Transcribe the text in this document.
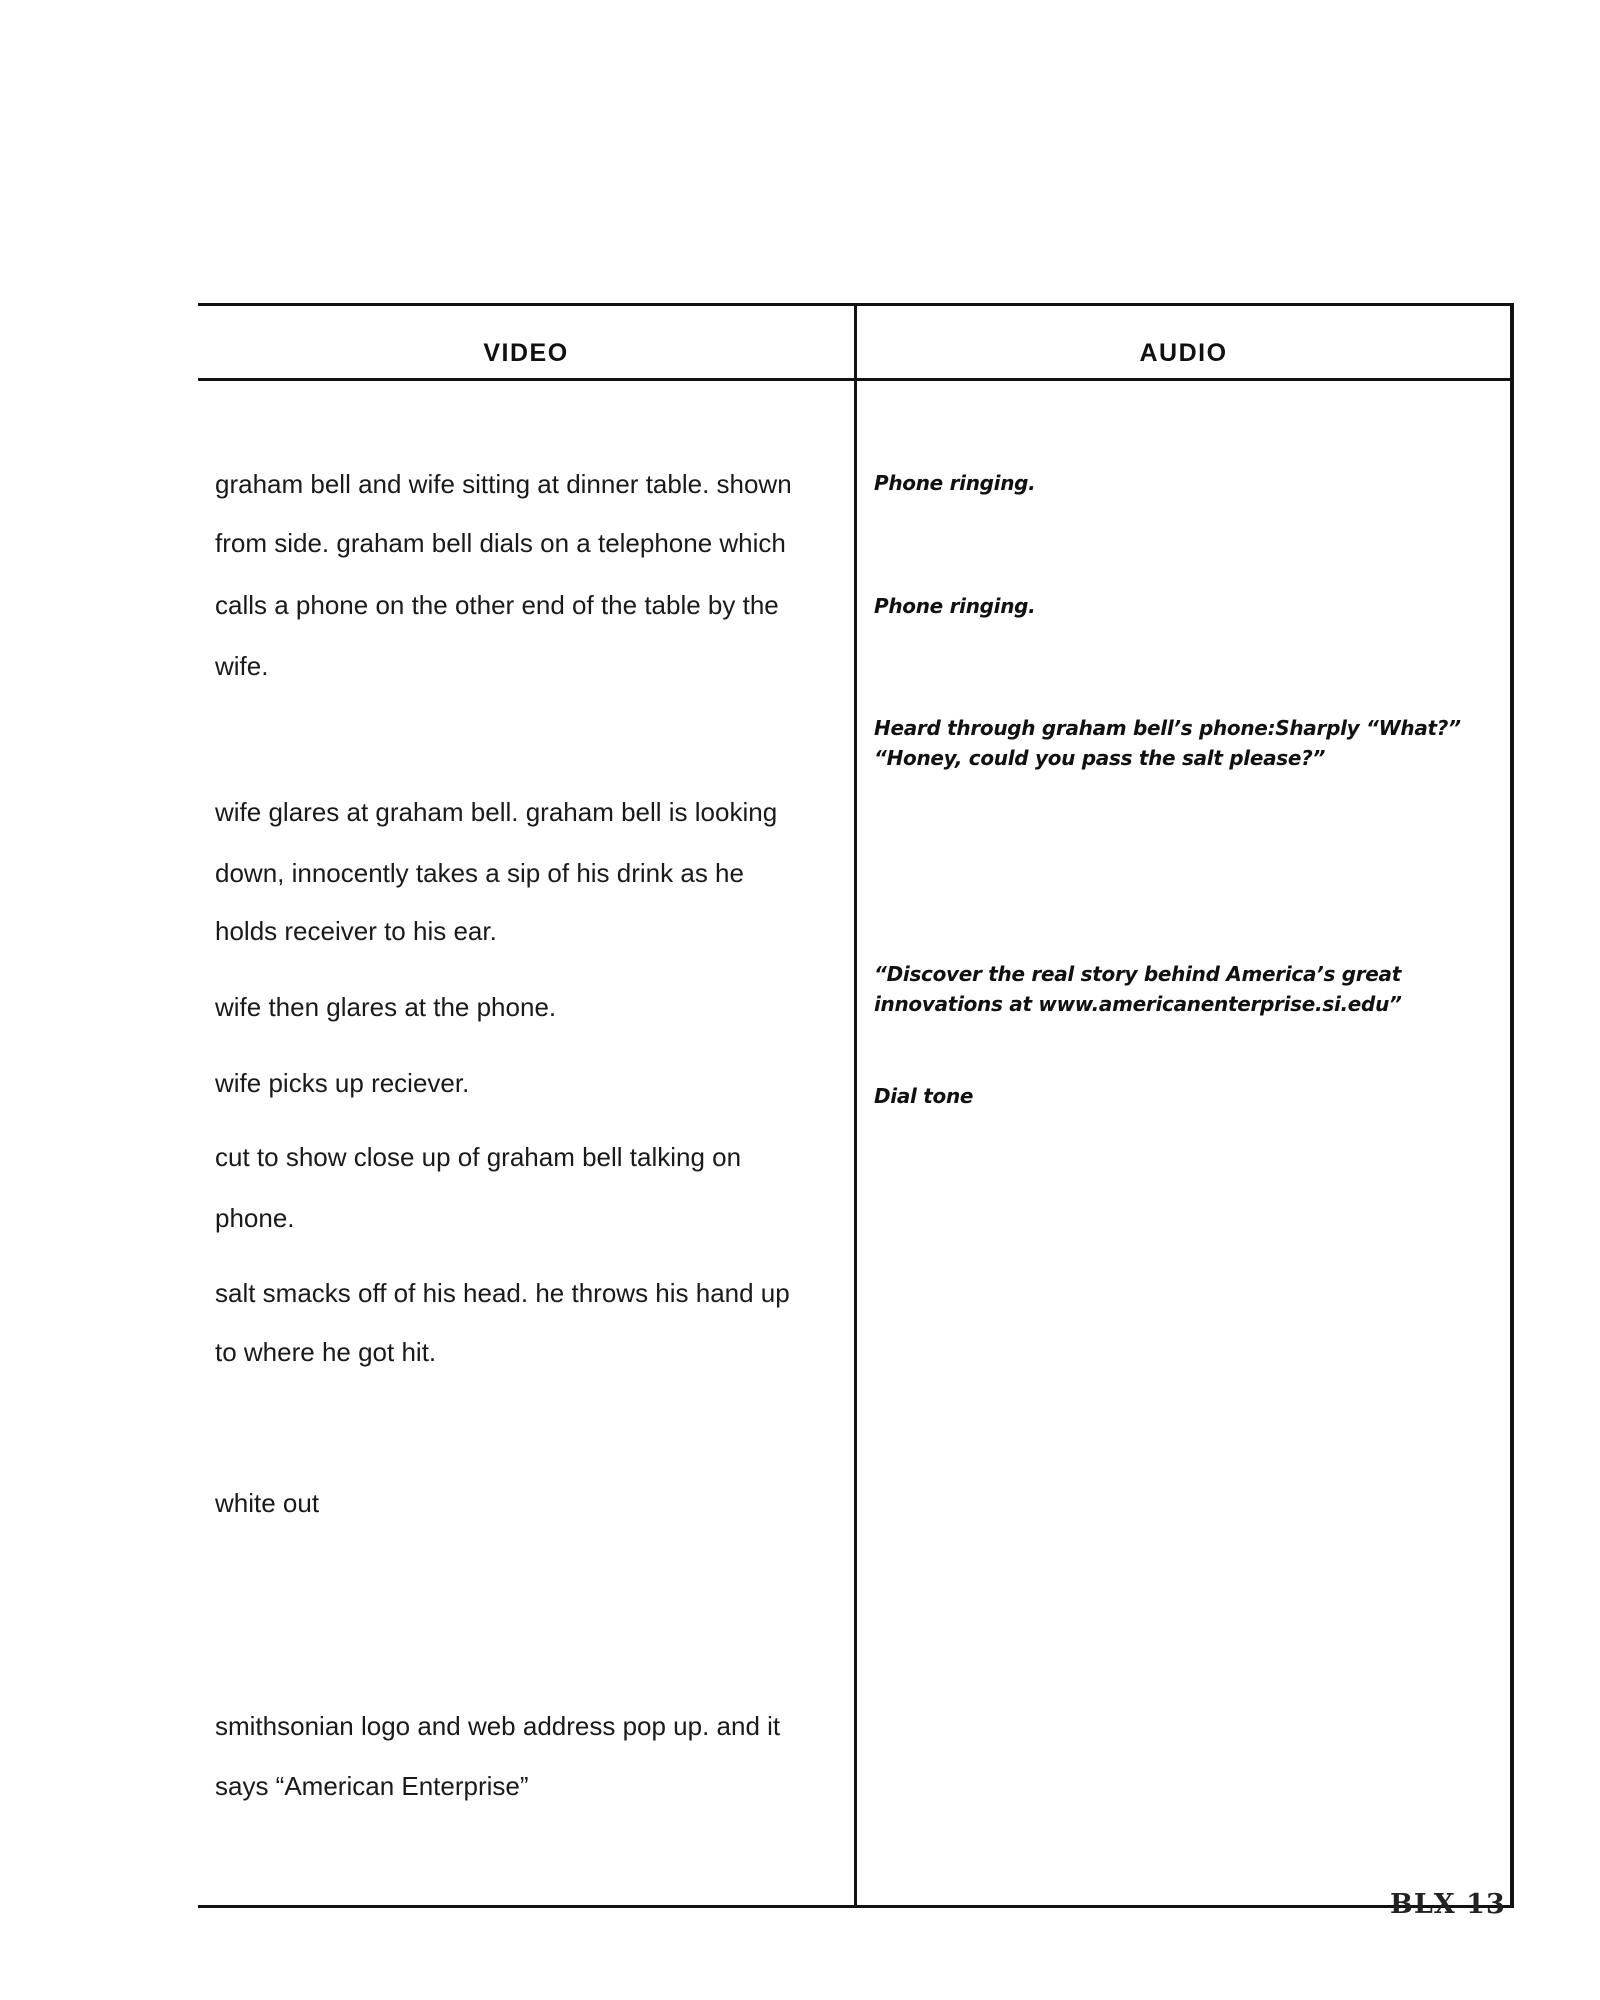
VIDEO	AUDIO
graham bell and wife sitting at dinner table. shown
from side. graham bell dials on a telephone which
calls a phone on the other end of the table by the
wife.
wife glares at graham bell. graham bell is looking
down, innocently takes a sip of his drink as he
holds receiver to his ear.
wife then glares at the phone.
wife picks up reciever.
cut to show close up of graham bell talking on
phone.
salt smacks off of his head. he throws his hand up
to where he got hit.
white out
smithsonian logo and web address pop up. and it
says “American Enterprise”
Phone ringing.
Phone ringing.
Heard through graham bell’s phone:Sharply “What?”
“Honey, could you pass the salt please?”
“Discover the real story behind America’s great
innovations at www.americanenterprise.si.edu”
Dial tone
BLX 13
